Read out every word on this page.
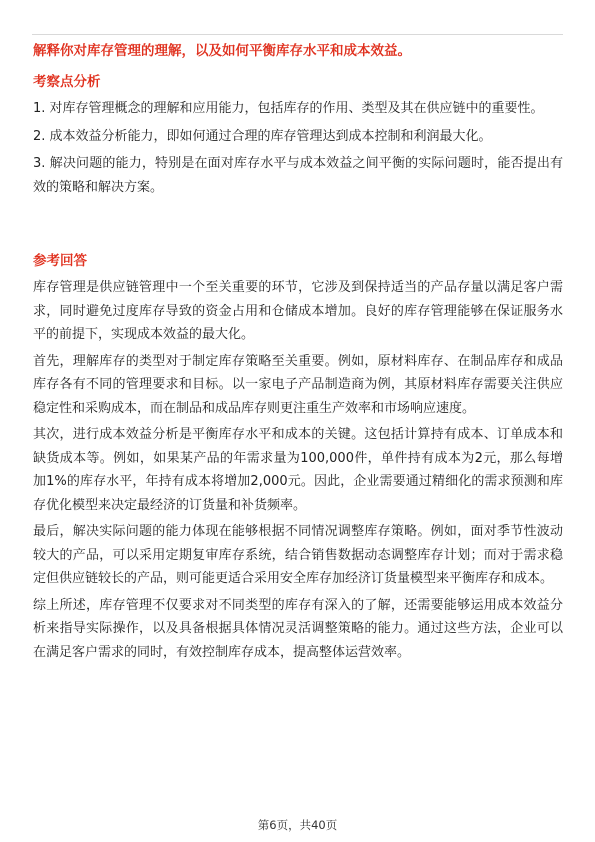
解释你对库存管理的理解，以及如何平衡库存水平和成本效益。
考察点分析

1. 对库存管理概念的理解和应用能力，包括库存的作用、类型及其在供应链中的重要性。

2. 成本效益分析能力，即如何通过合理的库存管理达到成本控制和利润最大化。

3. 解决问题的能力，特别是在面对库存水平与成本效益之间平衡的实际问题时，能否提出有效的策略和解决方案。

参考回答

库存管理是供应链管理中一个至关重要的环节，它涉及到保持适当的产品存量以满足客户需求，同时避免过度库存导致的资金占用和仓储成本增加。良好的库存管理能够在保证服务水平的前提下，实现成本效益的最大化。

首先，理解库存的类型对于制定库存策略至关重要。例如，原材料库存、在制品库存和成品库存各有不同的管理要求和目标。以一家电子产品制造商为例，其原材料库存需要关注供应稳定性和采购成本，而在制品和成品库存则更注重生产效率和市场响应速度。

其次，进行成本效益分析是平衡库存水平和成本的关键。这包括计算持有成本、订单成本和缺货成本等。例如，如果某产品的年需求量为100,000件，单件持有成本为2元，那么每增加1%的库存水平，年持有成本将增加2,000元。因此，企业需要通过精细化的需求预测和库存优化模型来决定最经济的订货量和补货频率。

最后，解决实际问题的能力体现在能够根据不同情况调整库存策略。例如，面对季节性波动较大的产品，可以采用定期复审库存系统，结合销售数据动态调整库存计划；而对于需求稳定但供应链较长的产品，则可能更适合采用安全库存加经济订货量模型来平衡库存和成本。

综上所述，库存管理不仅要求对不同类型的库存有深入的了解，还需要能够运用成本效益分析来指导实际操作，以及具备根据具体情况灵活调整策略的能力。通过这些方法，企业可以在满足客户需求的同时，有效控制库存成本，提高整体运营效率。

第6页，共40页
